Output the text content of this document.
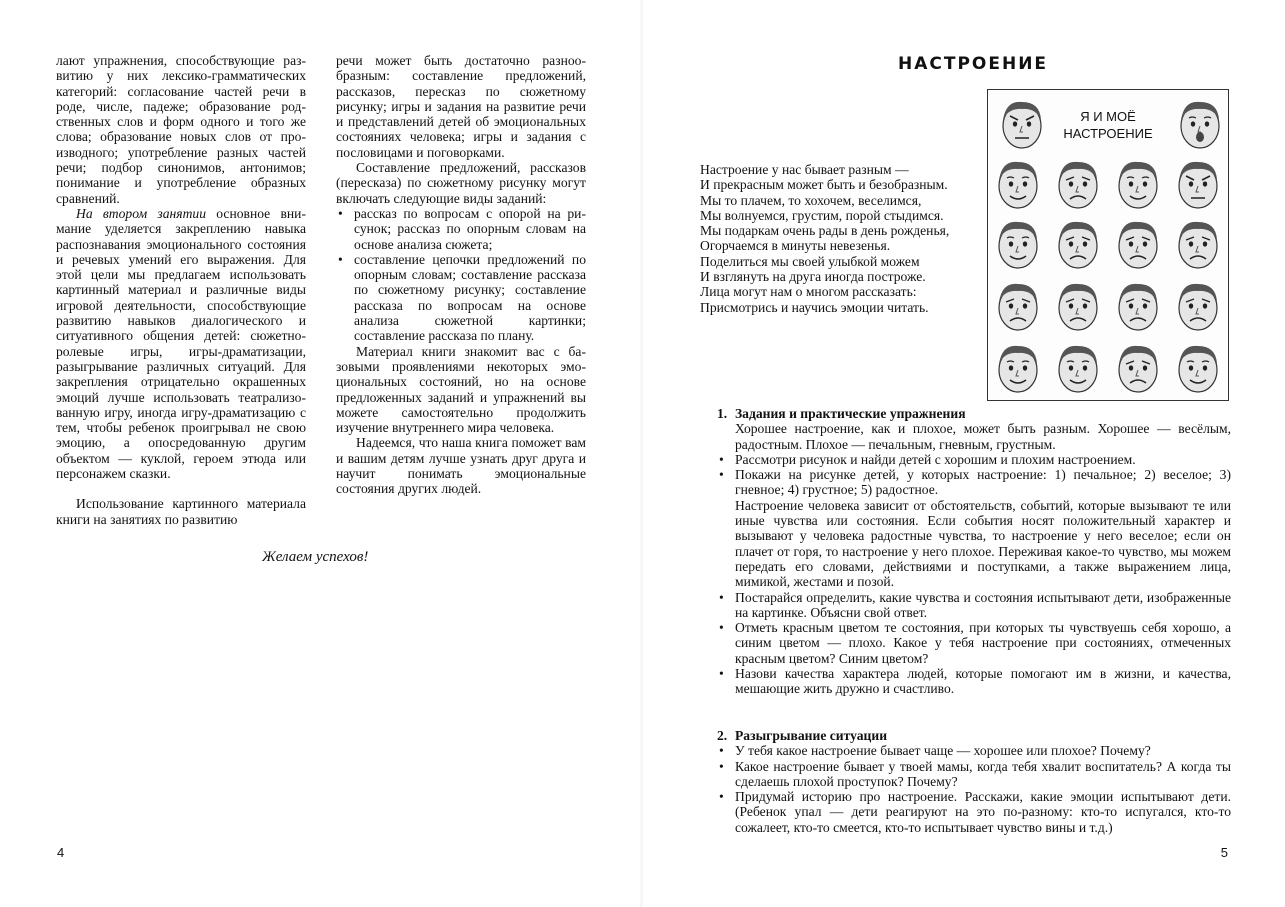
лают упражнения, способствующие развитию у них лексико-грамматических категорий: согласование частей речи в роде, числе, падеже; образование родственных слов и форм одного и того же слова; образование новых слов от производного; употребление разных частей речи; подбор синонимов, антонимов; понимание и употребление образных сравнений.

На втором занятии основное внимание уделяется закреплению навыка распознавания эмоционального состояния и речевых умений его выражения. Для этой цели мы предлагаем использовать картинный материал и различные виды игровой деятельности, способствующие развитию навыков диалогического и ситуативного общения детей: сюжетно-ролевые игры, игры-драматизации, разыгрывание различных ситуаций. Для закрепления отрицательно окрашенных эмоций лучше использовать театрализованную игру, иногда игру-драматизацию с тем, чтобы ребенок проигрывал не свою эмоцию, а опосредованную другим объектом — куклой, героем этюда или персонажем сказки.

Использование картинного материала книги на занятиях по развитию

речи может быть достаточно разнообразным: составление предложений, рассказов, пересказ по сюжетному рисунку; игры и задания на развитие речи и представлений детей об эмоциональных состояниях человека; игры и задания с пословицами и поговорками.

Составление предложений, рассказов (пересказа) по сюжетному рисунку могут включать следующие виды заданий:

• рассказ по вопросам с опорой на рисунок; рассказ по опорным словам на основе анализа сюжета;
• составление цепочки предложений по опорным словам; составление рассказа по сюжетному рисунку; составление рассказа по вопросам на основе анализа сюжетной картинки; составление рассказа по плану.

Материал книги знакомит вас с базовыми проявлениями некоторых эмоциональных состояний, но на основе предложенных заданий и упражнений вы можете самостоятельно продолжить изучение внутреннего мира человека.

Надеемся, что наша книга поможет вам и вашим детям лучше узнать друг друга и научит понимать эмоциональные состояния других людей.

Желаем успехов!
4
НАСТРОЕНИЕ
Настроение у нас бывает разным —
И прекрасным может быть и безобразным.
Мы то плачем, то хохочем, веселимся,
Мы волнуемся, грустим, порой стыдимся.
Мы подаркам очень рады в день рожденья,
Огорчаемся в минуты невезенья.
Поделиться мы своей улыбкой можем
И взглянуть на друга иногда построже.
Лица могут нам о многом рассказать:
Присмотрись и научись эмоции читать.
Я И МОЁ НАСТРОЕНИЕ

1. Задания и практические упражнения

Хорошее настроение, как и плохое, может быть разным. Хорошее — весёлым, радостным. Плохое — печальным, гневным, грустным.

• Рассмотри рисунок и найди детей с хорошим и плохим настроением.
• Покажи на рисунке детей, у которых настроение: 1) печальное; 2) веселое; 3) гневное; 4) грустное; 5) радостное.
Настроение человека зависит от обстоятельств, событий, которые вызывают те или иные чувства или состояния. Если события носят положительный характер и вызывают у человека радостные чувства, то настроение у него веселое; если он плачет от горя, то настроение у него плохое. Переживая какое-то чувство, мы можем передать его словами, действиями и поступками, а также выражением лица, мимикой, жестами и позой.
• Постарайся определить, какие чувства и состояния испытывают дети, изображенные на картинке. Объясни свой ответ.
• Отметь красным цветом те состояния, при которых ты чувствуешь себя хорошо, а синим цветом — плохо. Какое у тебя настроение при состояниях, отмеченных красным цветом? Синим цветом?
• Назови качества характера людей, которые помогают им в жизни, и качества, мешающие жить дружно и счастливо.

2. Разыгрывание ситуации

• У тебя какое настроение бывает чаще — хорошее или плохое? Почему?
• Какое настроение бывает у твоей мамы, когда тебя хвалит воспитатель? А когда ты сделаешь плохой проступок? Почему?
• Придумай историю про настроение. Расскажи, какие эмоции испытывают дети. (Ребенок упал — дети реагируют на это по-разному: кто-то испугался, кто-то сожалеет, кто-то смеется, кто-то испытывает чувство вины и т.д.)
5
